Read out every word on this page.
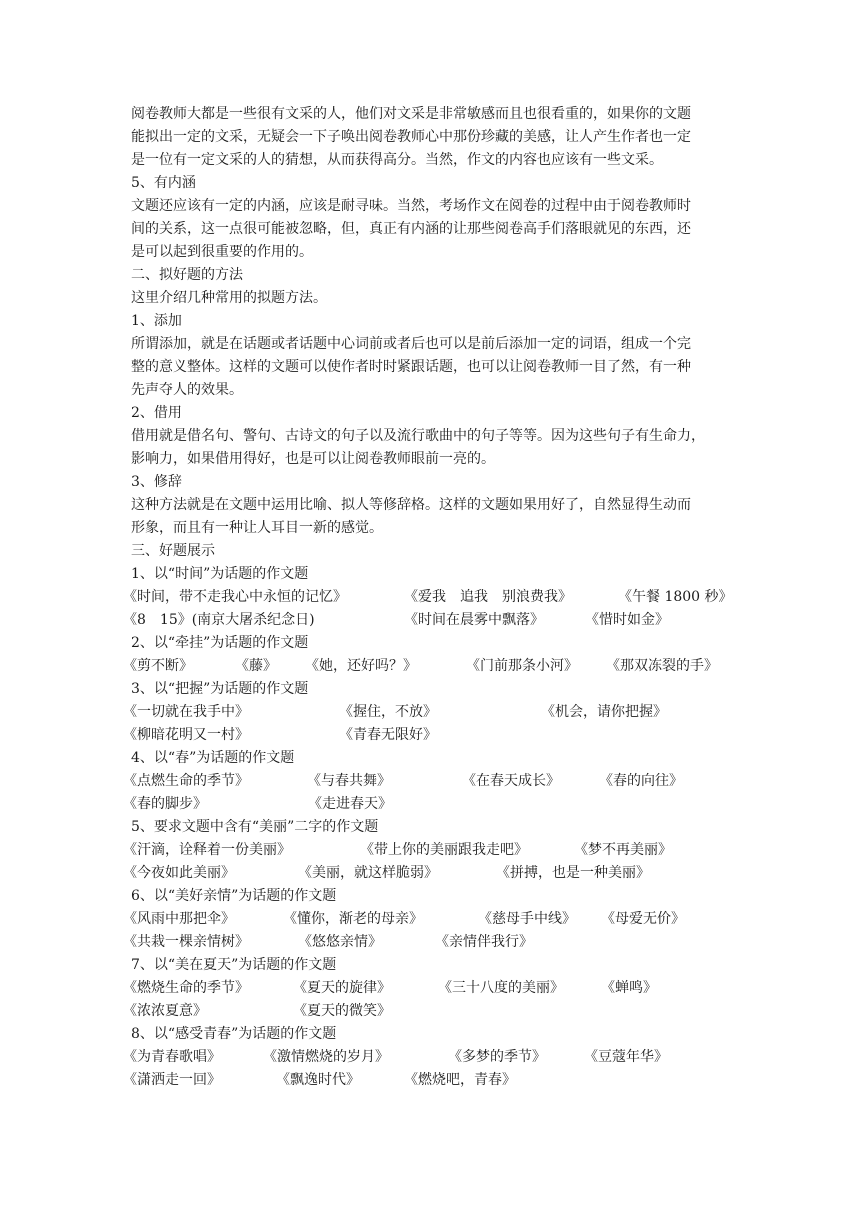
阅卷教师大都是一些很有文采的人，他们对文采是非常敏感而且也很看重的，如果你的文题
能拟出一定的文采，无疑会一下子唤出阅卷教师心中那份珍藏的美感，让人产生作者也一定
是一位有一定文采的人的猜想，从而获得高分。当然，作文的内容也应该有一些文采。
5、有内涵
文题还应该有一定的内涵，应该是耐寻味。当然，考场作文在阅卷的过程中由于阅卷教师时
间的关系，这一点很可能被忽略，但，真正有内涵的让那些阅卷高手们落眼就见的东西，还
是可以起到很重要的作用的。
二、拟好题的方法
这里介绍几种常用的拟题方法。
1、添加
所谓添加，就是在话题或者话题中心词前或者后也可以是前后添加一定的词语，组成一个完
整的意义整体。这样的文题可以使作者时时紧跟话题，也可以让阅卷教师一目了然，有一种
先声夺人的效果。
2、借用
借用就是借名句、警句、古诗文的句子以及流行歌曲中的句子等等。因为这些句子有生命力，
影响力，如果借用得好，也是可以让阅卷教师眼前一亮的。
3、修辞
这种方法就是在文题中运用比喻、拟人等修辞格。这样的文题如果用好了，自然显得生动而
形象，而且有一种让人耳目一新的感觉。
三、好题展示
1、以“时间”为话题的作文题
《时间，带不走我心中永恒的记忆》	《爱我　追我　别浪费我》	《午餐 1800 秒》
《8　15》(南京大屠杀纪念日)	《时间在晨雾中飘落》	《惜时如金》
2、以“牵挂”为话题的作文题
《剪不断》	《藤》 《她，还好吗？》	《门前那条小河》 《那双冻裂的手》
3、以“把握”为话题的作文题
《一切就在我手中》	《握住，不放》	《机会，请你把握》
《柳暗花明又一村》	《青春无限好》
4、以“春”为话题的作文题
《点燃生命的季节》	《与春共舞》	《在春天成长》	《春的向往》
《春的脚步》	《走进春天》
5、要求文题中含有“美丽”二字的作文题
《汗滴，诠释着一份美丽》	《带上你的美丽跟我走吧》	《梦不再美丽》
《今夜如此美丽》	《美丽，就这样脆弱》	《拼搏，也是一种美丽》
6、以“美好亲情”为话题的作文题
《风雨中那把伞》	《懂你，渐老的母亲》	《慈母手中线》 《母爱无价》
《共栽一棵亲情树》	《悠悠亲情》	《亲情伴我行》
7、以“美在夏天”为话题的作文题
《燃烧生命的季节》	《夏天的旋律》	《三十八度的美丽》	《蝉鸣》
《浓浓夏意》	《夏天的微笑》
8、以“感受青春”为话题的作文题
《为青春歌唱》	《激情燃烧的岁月》	《多梦的季节》	《豆蔻年华》
《潇洒走一回》	《飘逸时代》	《燃烧吧，青春》
